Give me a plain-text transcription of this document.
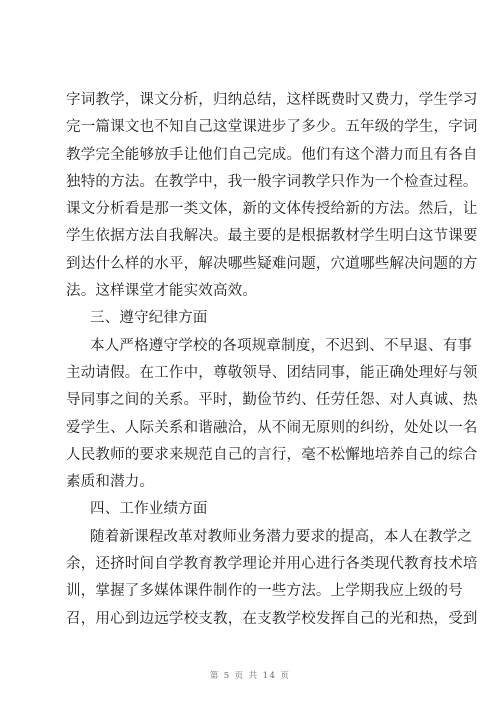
字词教学，课文分析，归纳总结，这样既费时又费力，学生学习
完一篇课文也不知自己这堂课进步了多少。五年级的学生，字词
教学完全能够放手让他们自己完成。他们有这个潜力而且有各自
独特的方法。在教学中，我一般字词教学只作为一个检查过程。
课文分析看是那一类文体，新的文体传授给新的方法。然后，让
学生依据方法自我解决。最主要的是根据教材学生明白这节课要
到达什么样的水平，解决哪些疑难问题，穴道哪些解决问题的方
法。这样课堂才能实效高效。
三、遵守纪律方面
本人严格遵守学校的各项规章制度，不迟到、不早退、有事
主动请假。在工作中，尊敬领导、团结同事，能正确处理好与领
导同事之间的关系。平时，勤俭节约、任劳任怨、对人真诚、热
爱学生、人际关系和谐融洽，从不闹无原则的纠纷，处处以一名
人民教师的要求来规范自己的言行，毫不松懈地培养自己的综合
素质和潜力。
四、工作业绩方面
随着新课程改革对教师业务潜力要求的提高，本人在教学之
余，还挤时间自学教育教学理论并用心进行各类现代教育技术培
训，掌握了多媒体课件制作的一些方法。上学期我应上级的号
召，用心到边远学校支教，在支教学校发挥自己的光和热，受到
第 5 页 共 14 页
